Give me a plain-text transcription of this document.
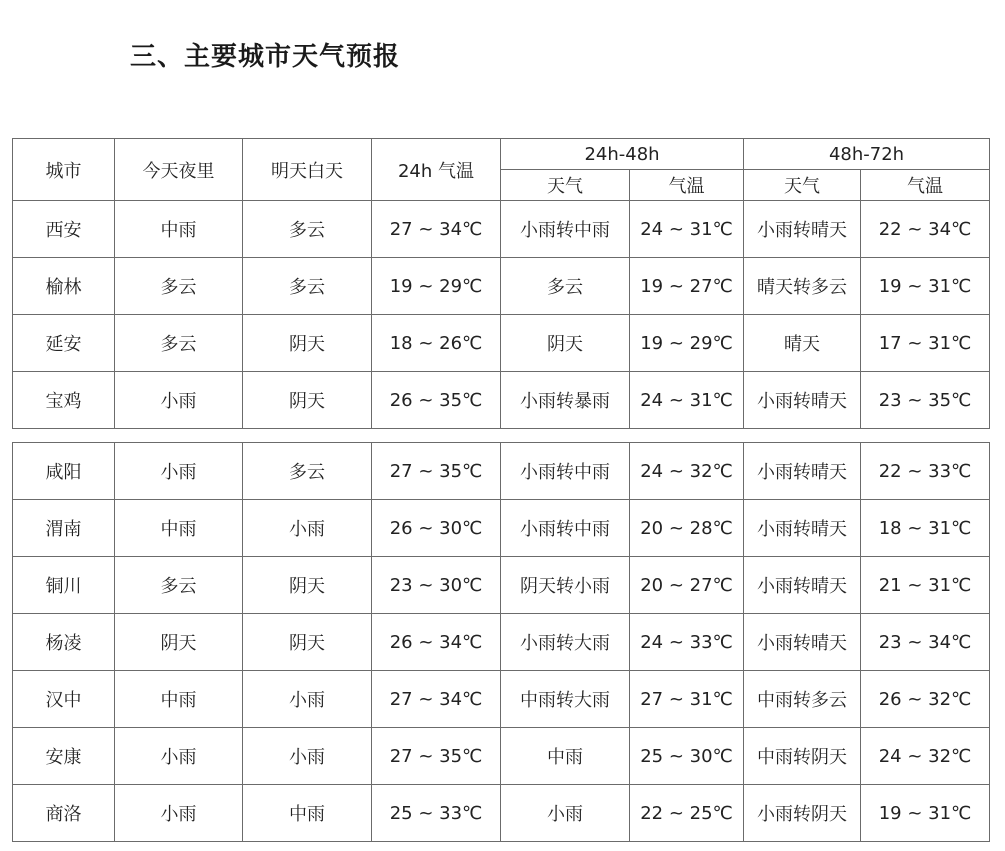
三、主要城市天气预报
城市	今天夜里	明天白天	24h 气温	24h-48h		48h-72h	
				天气	气温	天气	气温
西安	中雨	多云	27 ~ 34℃	小雨转中雨	24 ~ 31℃	小雨转晴天	22 ~ 34℃
榆林	多云	多云	19 ~ 29℃	多云	19 ~ 27℃	晴天转多云	19 ~ 31℃
延安	多云	阴天	18 ~ 26℃	阴天	19 ~ 29℃	晴天	17 ~ 31℃
宝鸡	小雨	阴天	26 ~ 35℃	小雨转暴雨	24 ~ 31℃	小雨转晴天	23 ~ 35℃
咸阳	小雨	多云	27 ~ 35℃	小雨转中雨	24 ~ 32℃	小雨转晴天	22 ~ 33℃
渭南	中雨	小雨	26 ~ 30℃	小雨转中雨	20 ~ 28℃	小雨转晴天	18 ~ 31℃
铜川	多云	阴天	23 ~ 30℃	阴天转小雨	20 ~ 27℃	小雨转晴天	21 ~ 31℃
杨凌	阴天	阴天	26 ~ 34℃	小雨转大雨	24 ~ 33℃	小雨转晴天	23 ~ 34℃
汉中	中雨	小雨	27 ~ 34℃	中雨转大雨	27 ~ 31℃	中雨转多云	26 ~ 32℃
安康	小雨	小雨	27 ~ 35℃	中雨	25 ~ 30℃	中雨转阴天	24 ~ 32℃
商洛	小雨	中雨	25 ~ 33℃	小雨	22 ~ 25℃	小雨转阴天	19 ~ 31℃
